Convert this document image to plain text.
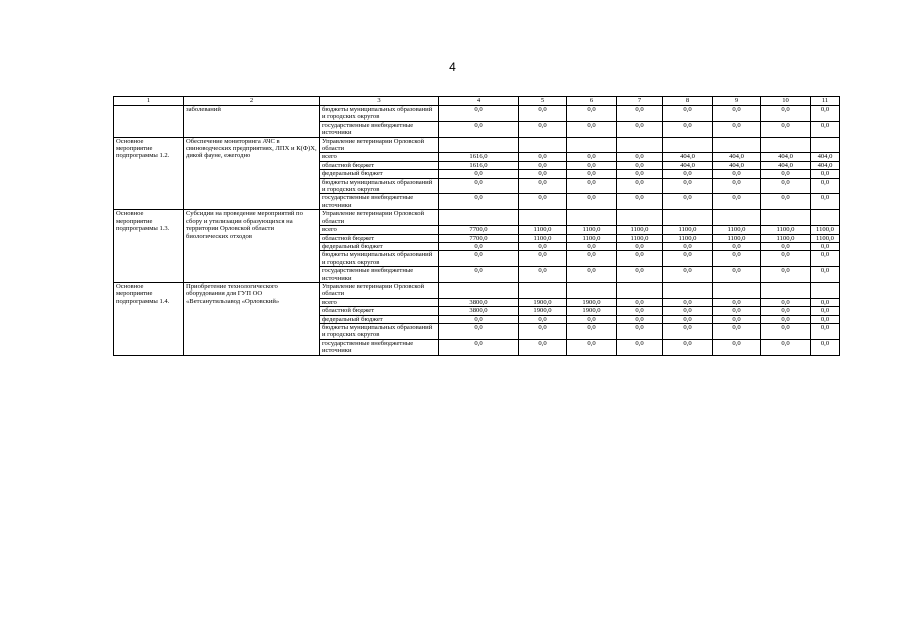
4
1	2	3	4	5	6	7	8	9	10	11
	заболеваний	бюджеты муниципальных образований и городских округов	0,0	0,0	0,0	0,0	0,0	0,0	0,0	0,0
		государственные внебюджетные источники	0,0	0,0	0,0	0,0	0,0	0,0	0,0	0,0
Основное мероприятие подпрограммы 1.2.	Обеспечение мониторинга АЧС в свиноводческих предприятиях, ЛПХ и К(Ф)Х, дикой фауне, ежегодно	Управление ветеринарии Орловской области								
		всего	1616,0	0,0	0,0	0,0	404,0	404,0	404,0	404,0
		областной бюджет	1616,0	0,0	0,0	0,0	404,0	404,0	404,0	404,0
		федеральный бюджет	0,0	0,0	0,0	0,0	0,0	0,0	0,0	0,0
		бюджеты муниципальных образований и городских округов	0,0	0,0	0,0	0,0	0,0	0,0	0,0	0,0
		государственные внебюджетные источники	0,0	0,0	0,0	0,0	0,0	0,0	0,0	0,0
Основное мероприятие подпрограммы 1.3.	Субсидии на проведение мероприятий по сбору и утилизации образующихся на территории Орловской области биологических отходов	Управление ветеринарии Орловской области								
		всего	7700,0	1100,0	1100,0	1100,0	1100,0	1100,0	1100,0	1100,0
		областной бюджет	7700,0	1100,0	1100,0	1100,0	1100,0	1100,0	1100,0	1100,0
		федеральный бюджет	0,0	0,0	0,0	0,0	0,0	0,0	0,0	0,0
		бюджеты муниципальных образований и городских округов	0,0	0,0	0,0	0,0	0,0	0,0	0,0	0,0
		государственные внебюджетные источники	0,0	0,0	0,0	0,0	0,0	0,0	0,0	0,0
Основное мероприятие подпрограммы 1.4.	Приобретение технологического оборудования для ГУП ОО «Ветсанутильзавод «Орловский»	Управление ветеринарии Орловской области								
		всего	3800,0	1900,0	1900,0	0,0	0,0	0,0	0,0	0,0
		областной бюджет	3800,0	1900,0	1900,0	0,0	0,0	0,0	0,0	0,0
		федеральный бюджет	0,0	0,0	0,0	0,0	0,0	0,0	0,0	0,0
		бюджеты муниципальных образований и городских округов	0,0	0,0	0,0	0,0	0,0	0,0	0,0	0,0
		государственные внебюджетные источники	0,0	0,0	0,0	0,0	0,0	0,0	0,0	0,0
